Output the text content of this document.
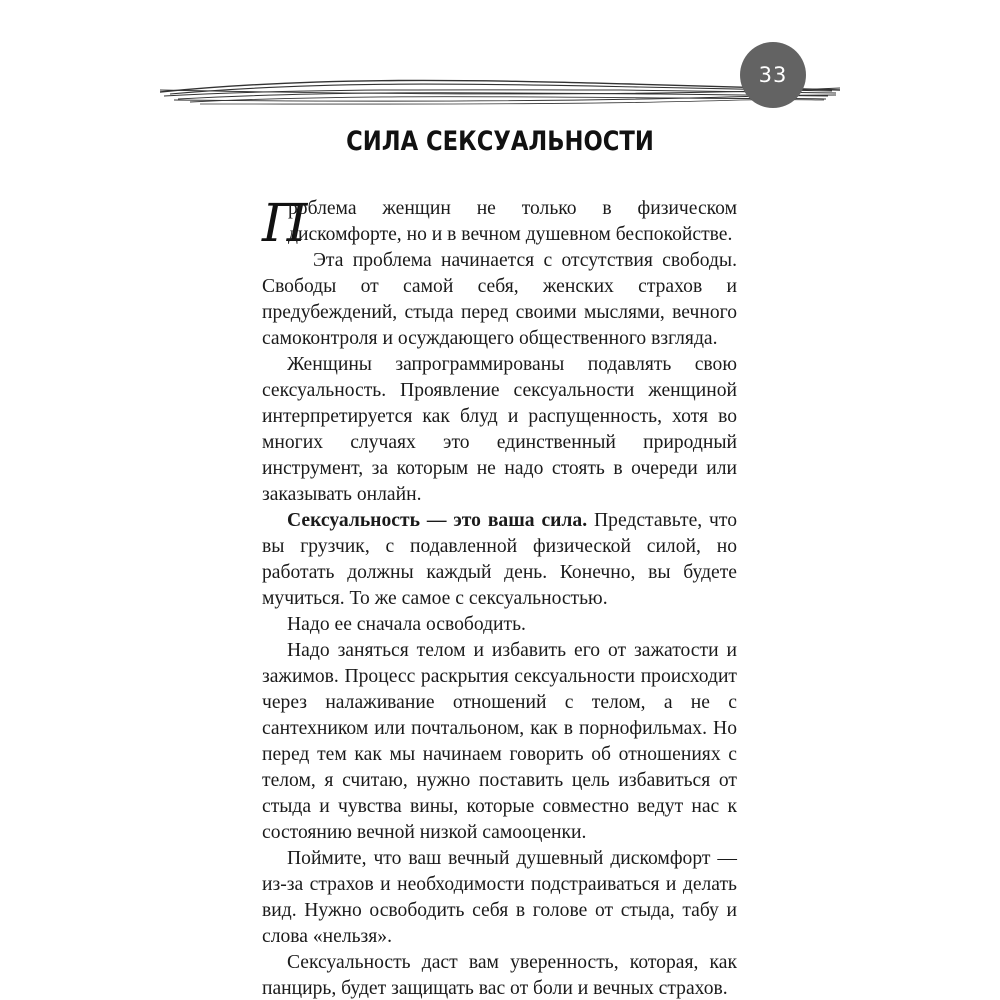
33
СИЛА СЕКСУАЛЬНОСТИ

П
роблема женщин не только в физическом дискомфорте, но и в вечном душевном беспокойстве.

Эта проблема начинается с отсутствия свободы. Свободы от самой себя, женских страхов и предубеждений, стыда перед своими мыслями, вечного самоконтроля и осуждающего общественного взгляда.

Женщины запрограммированы подавлять свою сексуальность. Проявление сексуальности женщиной интерпретируется как блуд и распущенность, хотя во многих случаях это единственный природный инструмент, за которым не надо стоять в очереди или заказывать онлайн.

Сексуальность — это ваша сила. Представьте, что вы грузчик, с подавленной физической силой, но работать должны каждый день. Конечно, вы будете мучиться. То же самое с сексуальностью.

Надо ее сначала освободить.

Надо заняться телом и избавить его от зажатости и зажимов. Процесс раскрытия сексуальности происходит через налаживание отношений с телом, а не с сантехником или почтальоном, как в порнофильмах. Но перед тем как мы начинаем говорить об отношениях с телом, я считаю, нужно поставить цель избавиться от стыда и чувства вины, которые совместно ведут нас к состоянию вечной низкой самооценки.

Поймите, что ваш вечный душевный дискомфорт — из-за страхов и необходимости подстраиваться и делать вид. Нужно освободить себя в голове от стыда, табу и слова «нельзя».

Сексуальность даст вам уверенность, которая, как панцирь, будет защищать вас от боли и вечных страхов.
